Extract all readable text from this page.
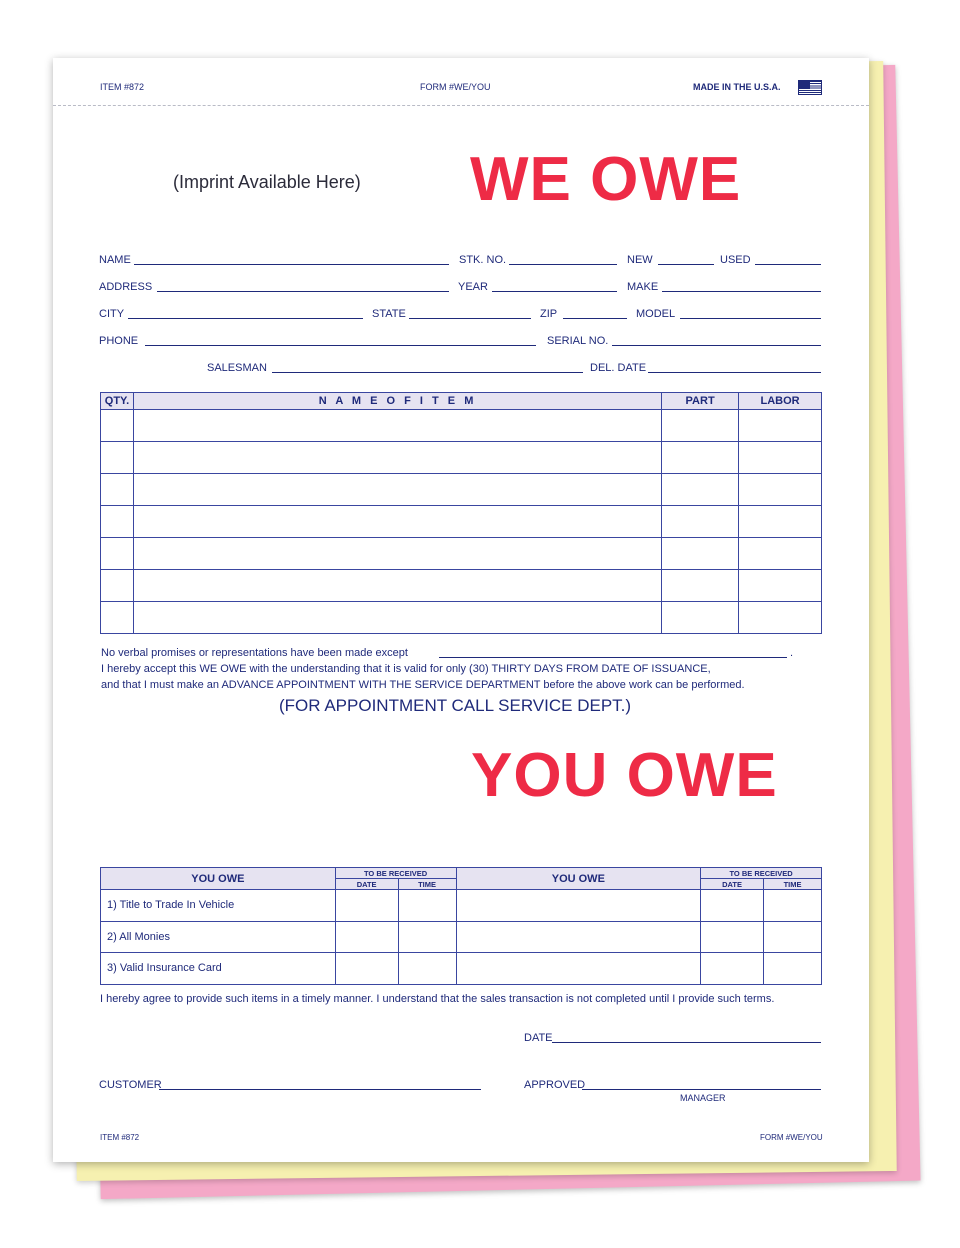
ITEM #872	FORM #WE/YOU	MADE IN THE U.S.A.
(Imprint Available Here) WE OWE
NAME	STK. NO.	NEW	USED
ADDRESS	YEAR	MAKE
CITY	STATE	ZIP	MODEL
PHONE	SERIAL NO.
SALESMAN	DEL. DATE
QTY.	N A M E O F I T E M	PART	LABOR

No verbal promises or representations have been made except	.
I hereby accept this WE OWE with the understanding that it is valid for only (30) THIRTY DAYS FROM DATE OF ISSUANCE,
and that I must make an ADVANCE APPOINTMENT WITH THE SERVICE DEPARTMENT before the above work can be performed.
(FOR APPOINTMENT CALL SERVICE DEPT.)
YOU OWE
YOU OWE	TO BE RECEIVED		YOU OWE	TO BE RECEIVED	
	DATE	TIME		DATE	TIME
1) Title to Trade In Vehicle					
2) All Monies					
3) Valid Insurance Card					
I hereby agree to provide such items in a timely manner. I understand that the sales transaction is not completed until I provide such terms.
DATE
CUSTOMER	APPROVED
MANAGER
ITEM #872	FORM #WE/YOU
